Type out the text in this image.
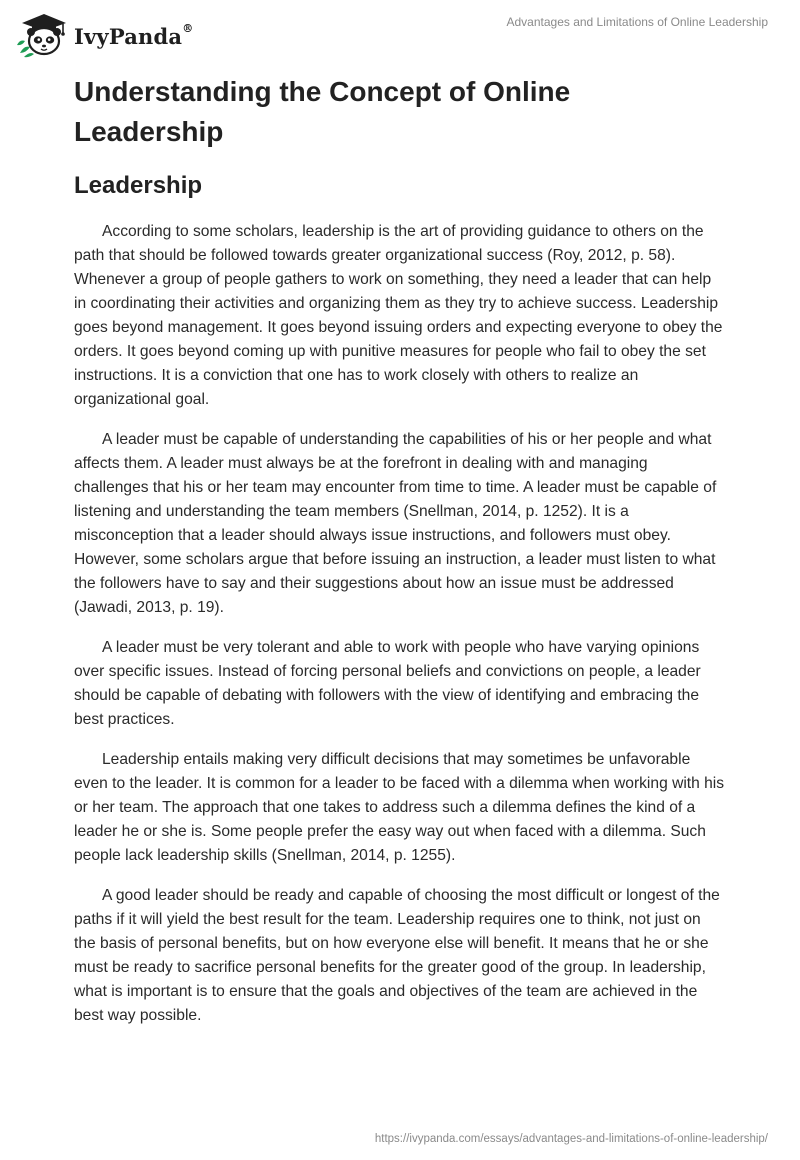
IvyPanda®	Advantages and Limitations of Online Leadership
Understanding the Concept of Online Leadership
Leadership

According to some scholars, leadership is the art of providing guidance to others on the path that should be followed towards greater organizational success (Roy, 2012, p. 58). Whenever a group of people gathers to work on something, they need a leader that can help in coordinating their activities and organizing them as they try to achieve success. Leadership goes beyond management. It goes beyond issuing orders and expecting everyone to obey the orders. It goes beyond coming up with punitive measures for people who fail to obey the set instructions. It is a conviction that one has to work closely with others to realize an organizational goal.

A leader must be capable of understanding the capabilities of his or her people and what affects them. A leader must always be at the forefront in dealing with and managing challenges that his or her team may encounter from time to time. A leader must be capable of listening and understanding the team members (Snellman, 2014, p. 1252). It is a misconception that a leader should always issue instructions, and followers must obey. However, some scholars argue that before issuing an instruction, a leader must listen to what the followers have to say and their suggestions about how an issue must be addressed (Jawadi, 2013, p. 19).

A leader must be very tolerant and able to work with people who have varying opinions over specific issues. Instead of forcing personal beliefs and convictions on people, a leader should be capable of debating with followers with the view of identifying and embracing the best practices.

Leadership entails making very difficult decisions that may sometimes be unfavorable even to the leader. It is common for a leader to be faced with a dilemma when working with his or her team. The approach that one takes to address such a dilemma defines the kind of a leader he or she is. Some people prefer the easy way out when faced with a dilemma. Such people lack leadership skills (Snellman, 2014, p. 1255).

A good leader should be ready and capable of choosing the most difficult or longest of the paths if it will yield the best result for the team. Leadership requires one to think, not just on the basis of personal benefits, but on how everyone else will benefit. It means that he or she must be ready to sacrifice personal benefits for the greater good of the group. In leadership, what is important is to ensure that the goals and objectives of the team are achieved in the best way possible.

https://ivypanda.com/essays/advantages-and-limitations-of-online-leadership/
